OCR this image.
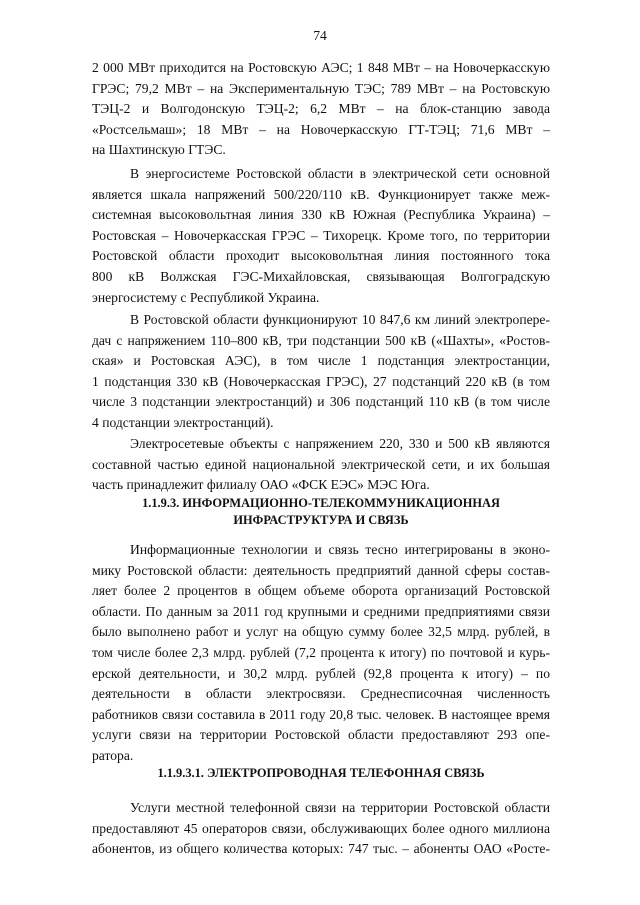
74
2 000 МВт приходится на Ростовскую АЭС; 1 848 МВт – на Новочеркасскую
ГРЭС; 79,2 МВт – на Экспериментальную ТЭС; 789 МВт – на Ростовскую
ТЭЦ-2 и Волгодонскую ТЭЦ-2; 6,2 МВт – на блок-станцию завода
«Ростсельмаш»; 18 МВт – на Новочеркасскую ГТ-ТЭЦ; 71,6 МВт –
на Шахтинскую ГТЭС.
В энергосистеме Ростовской области в электрической сети основной
является шкала напряжений 500/220/110 кВ. Функционирует также меж-
системная высоковольтная линия 330 кВ Южная (Республика Украина) –
Ростовская – Новочеркасская ГРЭС – Тихорецк. Кроме того, по территории
Ростовской области проходит высоковольтная линия постоянного тока
800 кВ Волжская ГЭС-Михайловская, связывающая Волгоградскую
энергосистему с Республикой Украина.
В Ростовской области функционируют 10 847,6 км линий электропере-
дач с напряжением 110–800 кВ, три подстанции 500 кВ («Шахты», «Ростов-
ская» и Ростовская АЭС), в том числе 1 подстанция электростанции,
1 подстанция 330 кВ (Новочеркасская ГРЭС), 27 подстанций 220 кВ (в том
числе 3 подстанции электростанций) и 306 подстанций 110 кВ (в том числе
4 подстанции электростанций).
Электросетевые объекты с напряжением 220, 330 и 500 кВ являются
составной частью единой национальной электрической сети, и их большая
часть принадлежит филиалу ОАО «ФСК ЕЭС» МЭС Юга.
1.1.9.3. ИНФОРМАЦИОННО-ТЕЛЕКОММУНИКАЦИОННАЯ
ИНФРАСТРУКТУРА И СВЯЗЬ
Информационные технологии и связь тесно интегрированы в эконо-
мику Ростовской области: деятельность предприятий данной сферы состав-
ляет более 2 процентов в общем объеме оборота организаций Ростовской
области. По данным за 2011 год крупными и средними предприятиями связи
было выполнено работ и услуг на общую сумму более 32,5 млрд. рублей, в
том числе более 2,3 млрд. рублей (7,2 процента к итогу) по почтовой и курь-
ерской деятельности, и 30,2 млрд. рублей (92,8 процента к итогу) – по
деятельности в области электросвязи. Среднесписочная численность
работников связи составила в 2011 году 20,8 тыс. человек. В настоящее время
услуги связи на территории Ростовской области предоставляют 293 опе-
ратора.
1.1.9.3.1. ЭЛЕКТРОПРОВОДНАЯ ТЕЛЕФОННАЯ СВЯЗЬ
Услуги местной телефонной связи на территории Ростовской области
предоставляют 45 операторов связи, обслуживающих более одного миллиона
абонентов, из общего количества которых: 747 тыс. – абоненты ОАО «Росте-
